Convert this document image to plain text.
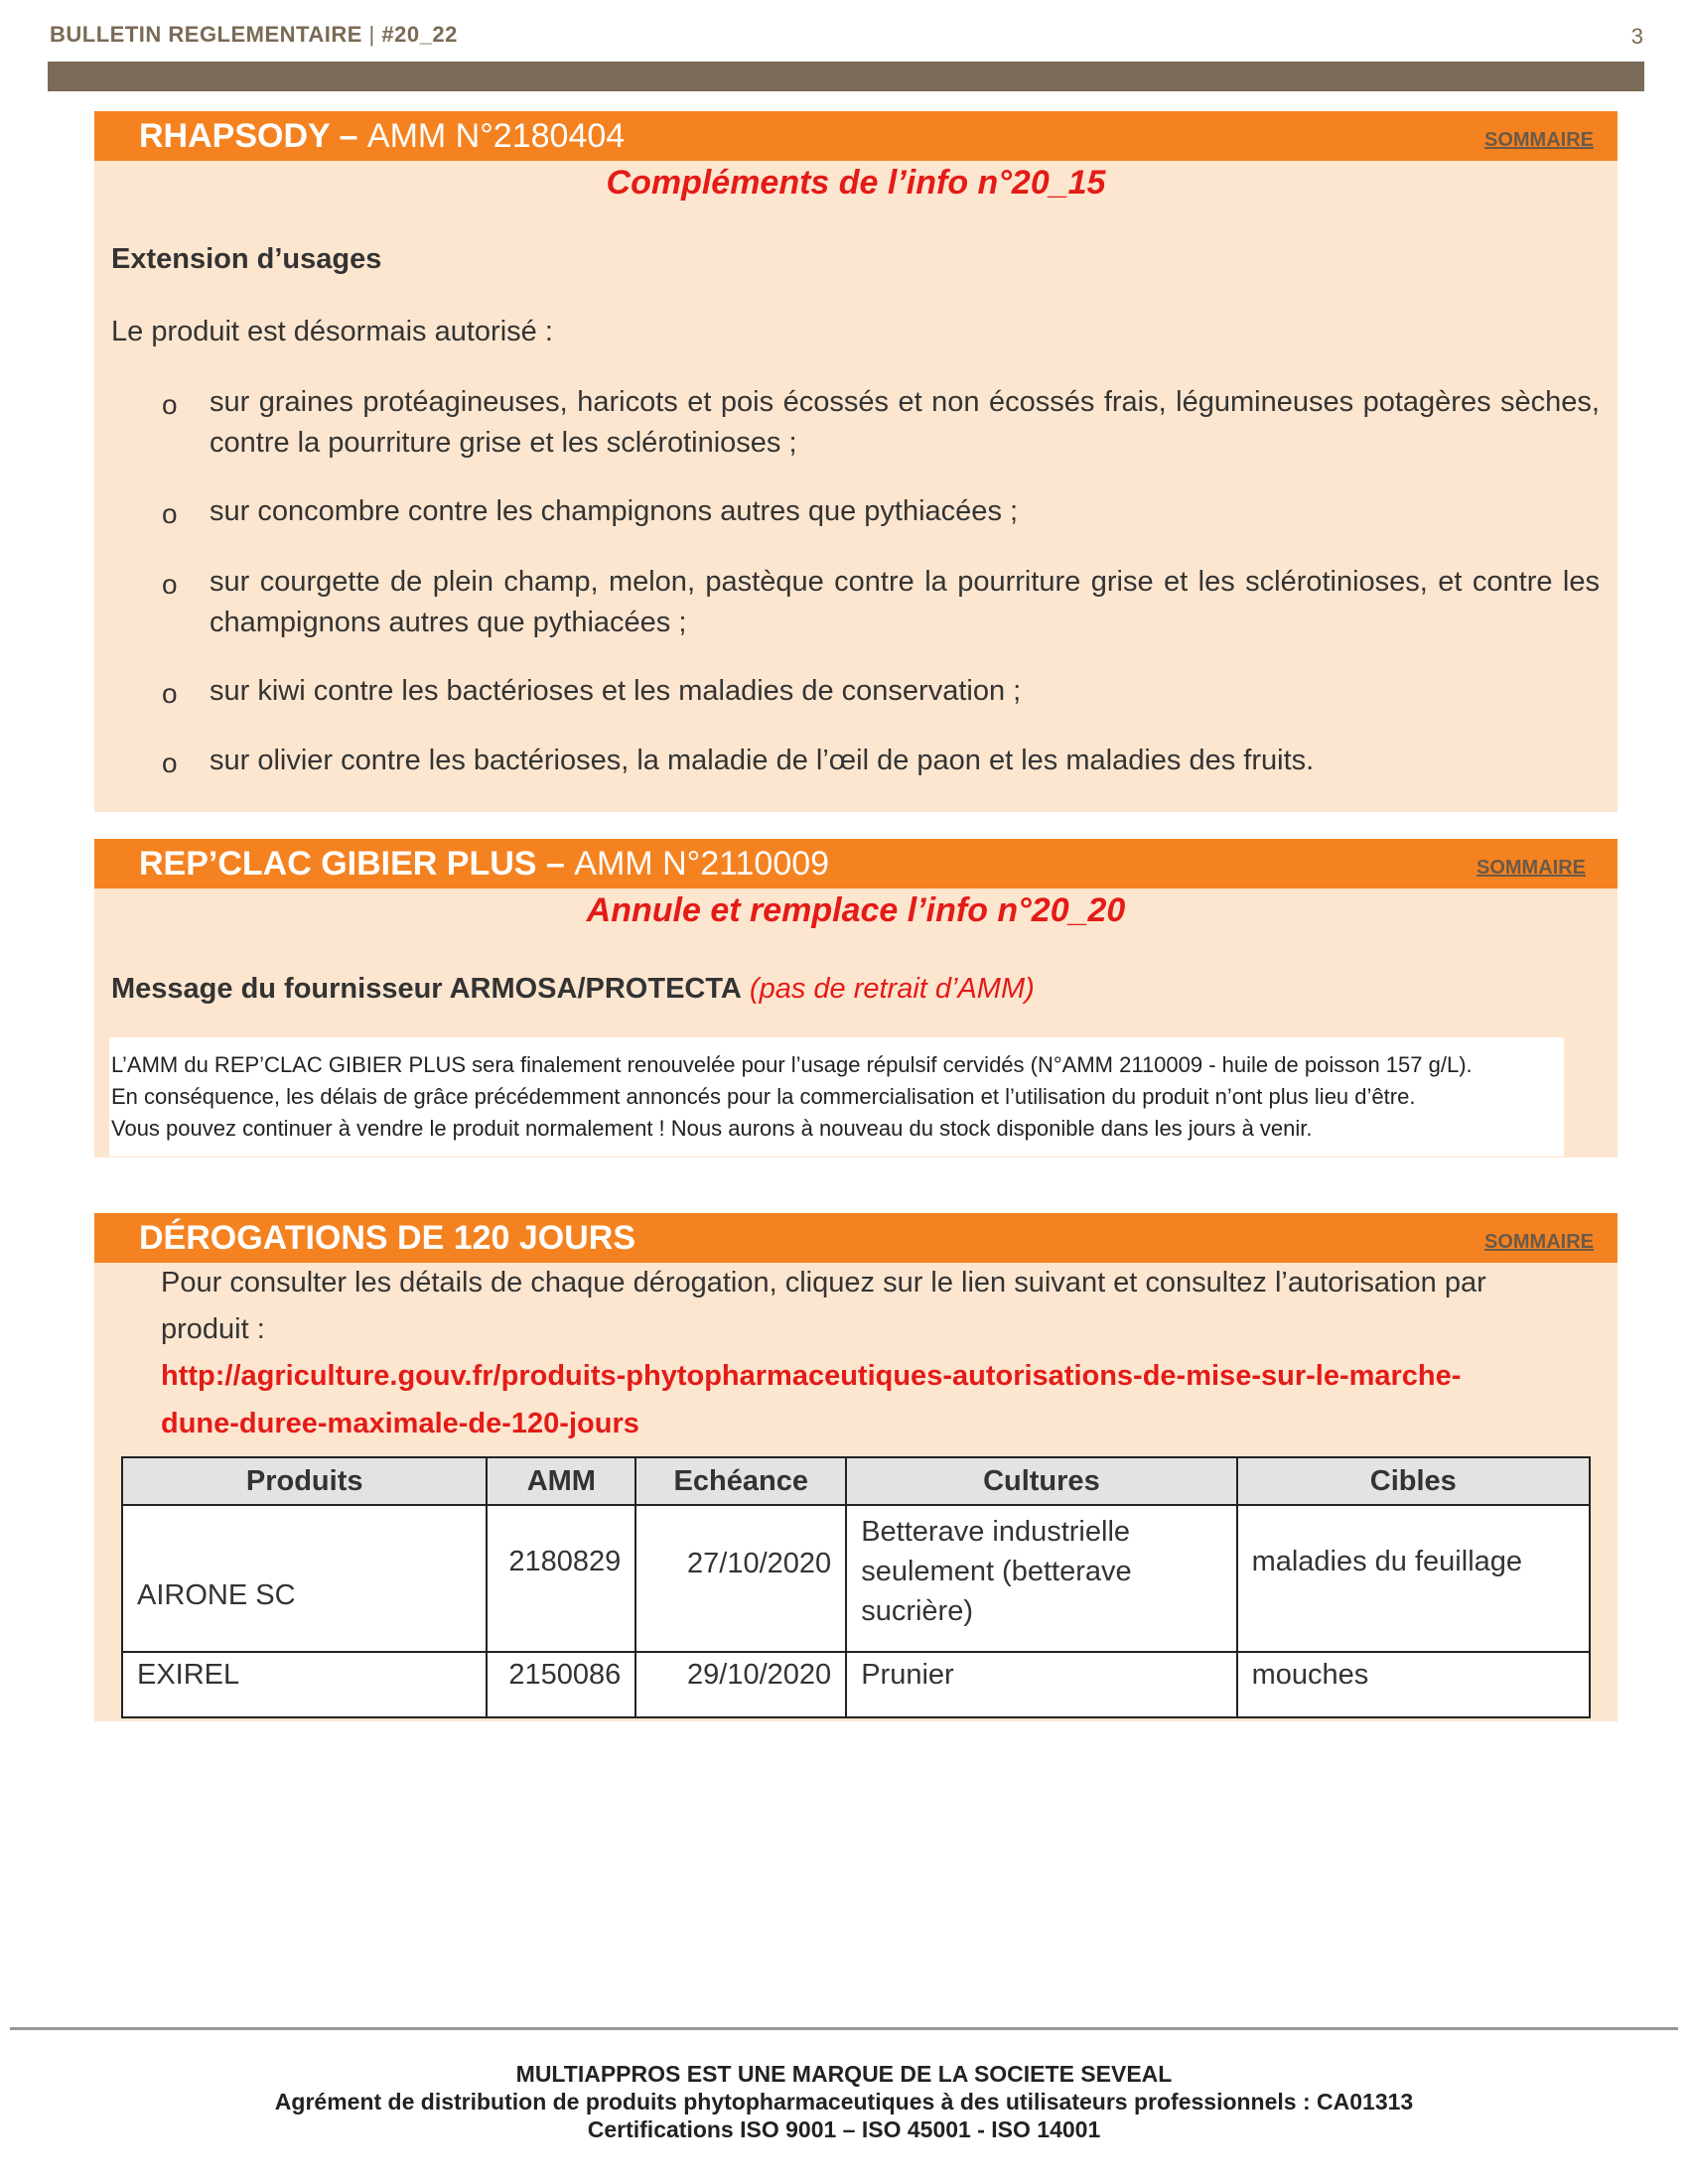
BULLETIN REGLEMENTAIRE | #20_22	3
RHAPSODY – AMM N°2180404	SOMMAIRE
Compléments de l’info n°20_15
Extension d’usages
Le produit est désormais autorisé :
o sur graines protéagineuses, haricots et pois écossés et non écossés frais, légumineuses potagères sèches, contre la pourriture grise et les sclérotinioses ;
o sur concombre contre les champignons autres que pythiacées ;
o sur courgette de plein champ, melon, pastèque contre la pourriture grise et les sclérotinioses, et contre les champignons autres que pythiacées ;
o sur kiwi contre les bactérioses et les maladies de conservation ;
o sur olivier contre les bactérioses, la maladie de l’œil de paon et les maladies des fruits.
REP’CLAC GIBIER PLUS – AMM N°2110009	SOMMAIRE
Annule et remplace l’info n°20_20
Message du fournisseur ARMOSA/PROTECTA (pas de retrait d’AMM)
L’AMM du REP’CLAC GIBIER PLUS sera finalement renouvelée pour l’usage répulsif cervidés (N°AMM 2110009 - huile de poisson 157 g/L).
En conséquence, les délais de grâce précédemment annoncés pour la commercialisation et l’utilisation du produit n’ont plus lieu d’être.
Vous pouvez continuer à vendre le produit normalement ! Nous aurons à nouveau du stock disponible dans les jours à venir.
DÉROGATIONS DE 120 JOURS	SOMMAIRE
Pour consulter les détails de chaque dérogation, cliquez sur le lien suivant et consultez l’autorisation par
produit :
http://agriculture.gouv.fr/produits-phytopharmaceutiques-autorisations-de-mise-sur-le-marche-
dune-duree-maximale-de-120-jours
Produits	AMM	Echéance	Cultures	Cibles
AIRONE SC	2180829	27/10/2020	Betterave industrielle seulement (betterave sucrière)	maladies du feuillage
EXIREL	2150086	29/10/2020	Prunier	mouches
MULTIAPPROS EST UNE MARQUE DE LA SOCIETE SEVEAL
Agrément de distribution de produits phytopharmaceutiques à des utilisateurs professionnels : CA01313
Certifications ISO 9001 – ISO 45001 - ISO 14001
